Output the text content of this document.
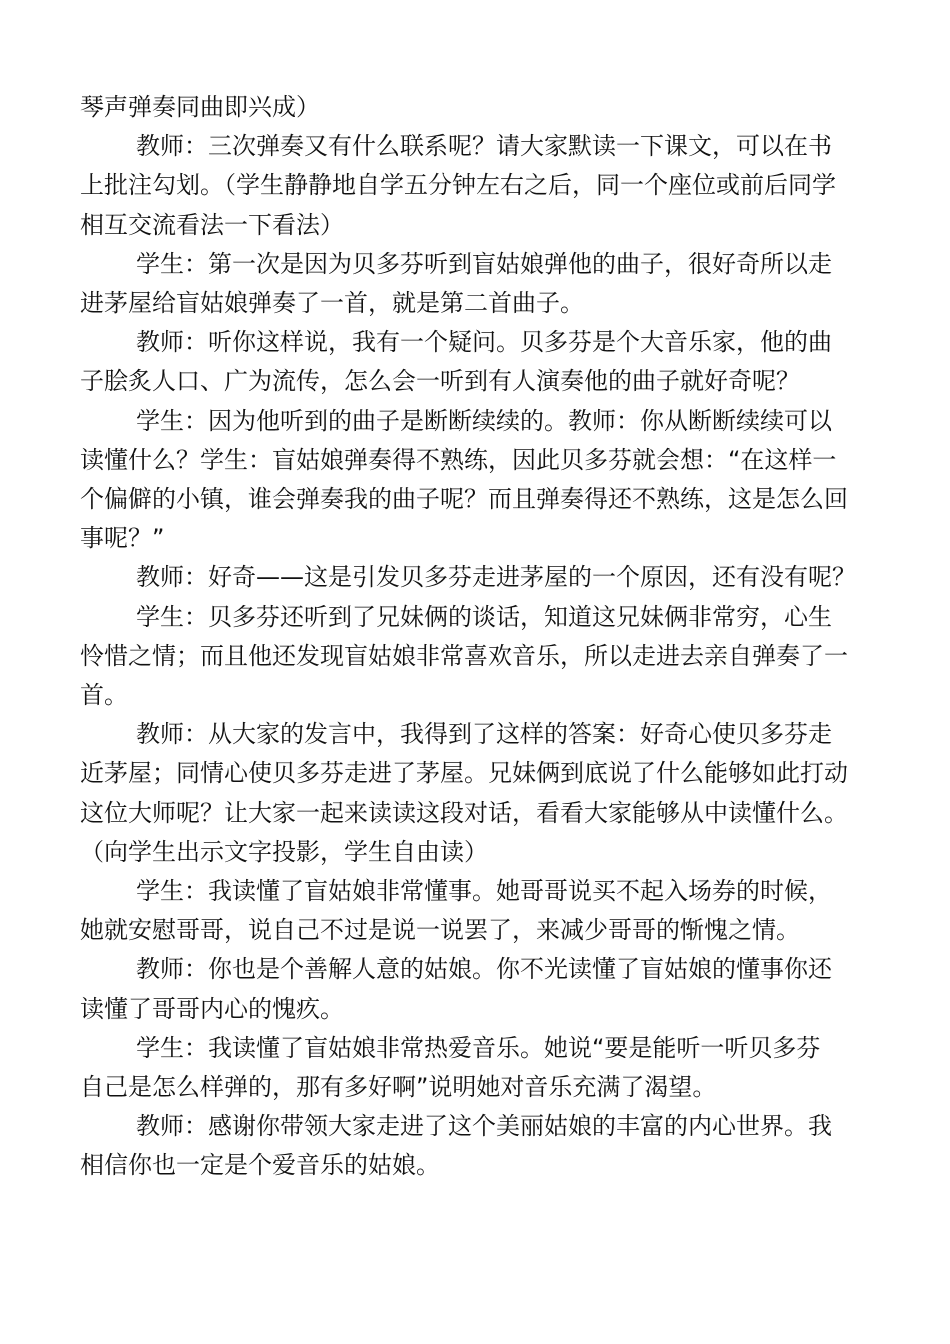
琴声弹奏同曲即兴成）

教师：三次弹奏又有什么联系呢？请大家默读一下课文，可以在书
上批注勾划。（学生静静地自学五分钟左右之后，同一个座位或前后同学
相互交流看法一下看法）

学生：第一次是因为贝多芬听到盲姑娘弹他的曲子，很好奇所以走
进茅屋给盲姑娘弹奏了一首，就是第二首曲子。

教师：听你这样说，我有一个疑问。贝多芬是个大音乐家，他的曲
子脍炙人口、广为流传，怎么会一听到有人演奏他的曲子就好奇呢？

学生：因为他听到的曲子是断断续续的。教师：你从断断续续可以
读懂什么？学生：盲姑娘弹奏得不熟练，因此贝多芬就会想：“在这样一
个偏僻的小镇，谁会弹奏我的曲子呢？而且弹奏得还不熟练，这是怎么回
事呢？”

教师：好奇——这是引发贝多芬走进茅屋的一个原因，还有没有呢？

学生：贝多芬还听到了兄妹俩的谈话，知道这兄妹俩非常穷，心生
怜惜之情；而且他还发现盲姑娘非常喜欢音乐，所以走进去亲自弹奏了一
首。

教师：从大家的发言中，我得到了这样的答案：好奇心使贝多芬走
近茅屋；同情心使贝多芬走进了茅屋。兄妹俩到底说了什么能够如此打动
这位大师呢？让大家一起来读读这段对话，看看大家能够从中读懂什么。
（向学生出示文字投影，学生自由读）

学生：我读懂了盲姑娘非常懂事。她哥哥说买不起入场券的时候，
她就安慰哥哥，说自己不过是说一说罢了，来减少哥哥的惭愧之情。

教师：你也是个善解人意的姑娘。你不光读懂了盲姑娘的懂事你还
读懂了哥哥内心的愧疚。

学生：我读懂了盲姑娘非常热爱音乐。她说“要是能听一听贝多芬
自己是怎么样弹的，那有多好啊”说明她对音乐充满了渴望。

教师：感谢你带领大家走进了这个美丽姑娘的丰富的内心世界。我
相信你也一定是个爱音乐的姑娘。
